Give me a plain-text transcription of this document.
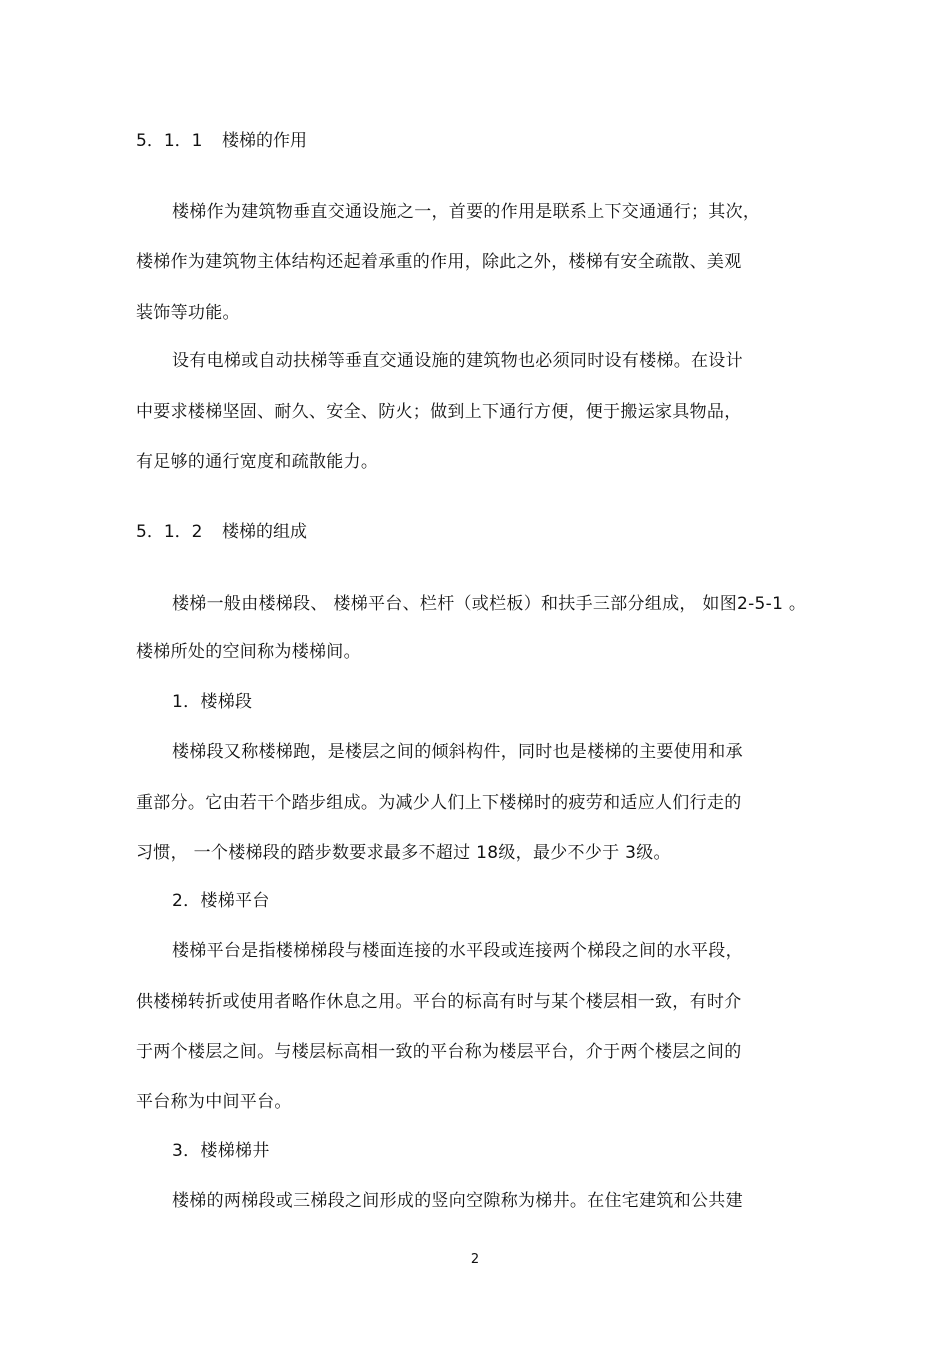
5．1．1 楼梯的作用
楼梯作为建筑物垂直交通设施之一，首要的作用是联系上下交通通行；其次，
楼梯作为建筑物主体结构还起着承重的作用，除此之外，楼梯有安全疏散、美观
装饰等功能。
设有电梯或自动扶梯等垂直交通设施的建筑物也必须同时设有楼梯。在设计
中要求楼梯坚固、耐久、安全、防火；做到上下通行方便，便于搬运家具物品，
有足够的通行宽度和疏散能力。
5．1．2 楼梯的组成
楼梯一般由楼梯段、 楼梯平台、栏杆（或栏板）和扶手三部分组成， 如图2-5-1 。
楼梯所处的空间称为楼梯间。
1．楼梯段
楼梯段又称楼梯跑，是楼层之间的倾斜构件，同时也是楼梯的主要使用和承
重部分。它由若干个踏步组成。为减少人们上下楼梯时的疲劳和适应人们行走的
习惯， 一个楼梯段的踏步数要求最多不超过 18级，最少不少于 3级。
2．楼梯平台
楼梯平台是指楼梯梯段与楼面连接的水平段或连接两个梯段之间的水平段，
供楼梯转折或使用者略作休息之用。平台的标高有时与某个楼层相一致，有时介
于两个楼层之间。与楼层标高相一致的平台称为楼层平台，介于两个楼层之间的
平台称为中间平台。
3．楼梯梯井
楼梯的两梯段或三梯段之间形成的竖向空隙称为梯井。在住宅建筑和公共建
2
